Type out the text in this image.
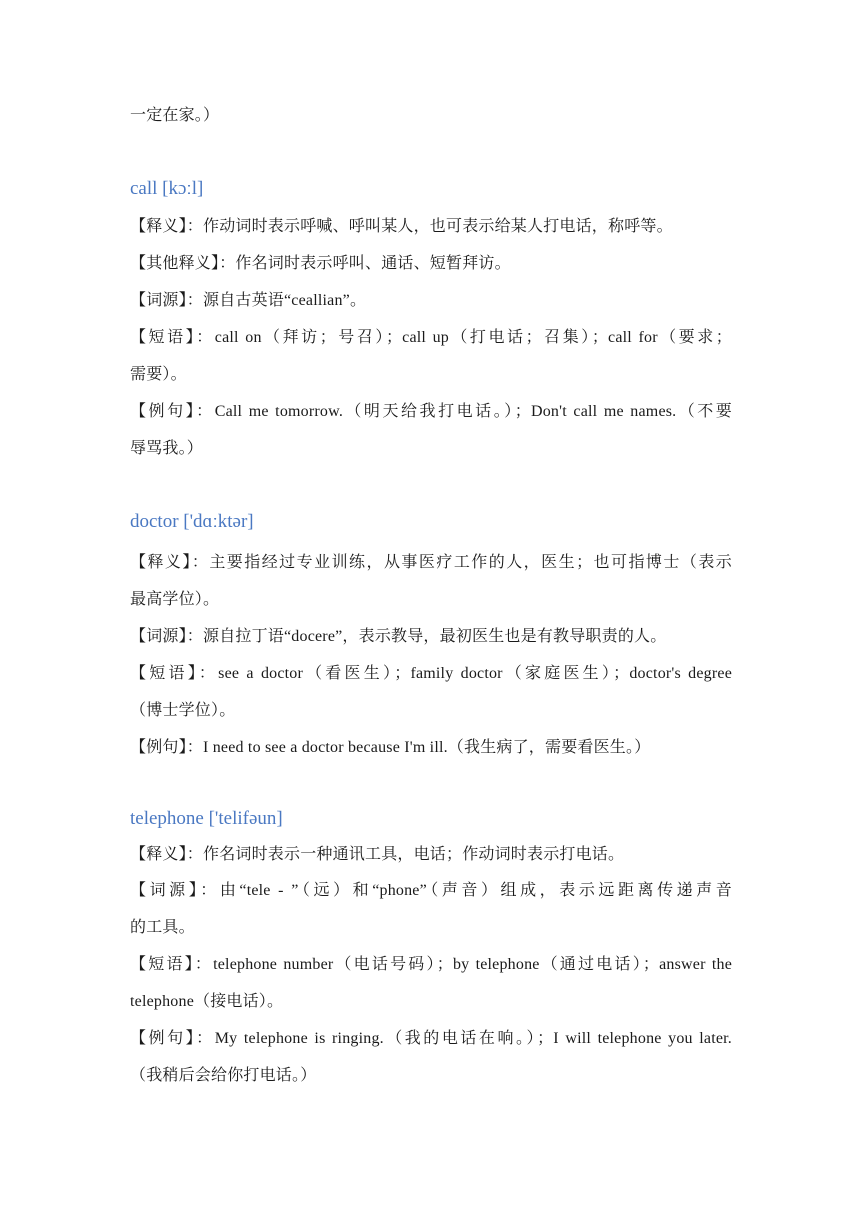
一定在家。）
call [kɔːl]
【释义】：作动词时表示呼喊、呼叫某人，也可表示给某人打电话，称呼等。
【其他释义】：作名词时表示呼叫、通话、短暂拜访。
【词源】：源自古英语“ceallian”。
【短语】：call on（拜访；号召）；call up（打电话；召集）；call for（要求；
需要）。
【例句】：Call me tomorrow.（明天给我打电话。）；Don't call me names.（不要
辱骂我。）
doctor ['dɑːktər]
【释义】：主要指经过专业训练，从事医疗工作的人，医生；也可指博士（表示
最高学位）。
【词源】：源自拉丁语“docere”，表示教导，最初医生也是有教导职责的人。
【短语】：see a doctor（看医生）；family doctor（家庭医生）；doctor's degree
（博士学位）。
【例句】：I need to see a doctor because I'm ill.（我生病了，需要看医生。）
telephone ['telifəun]
【释义】：作名词时表示一种通讯工具，电话；作动词时表示打电话。
【词源】：由“tele - ”（远）和“phone”（声音）组成，表示远距离传递声音
的工具。
【短语】：telephone number（电话号码）；by telephone（通过电话）；answer the
telephone（接电话）。
【例句】：My telephone is ringing.（我的电话在响。）；I will telephone you later.
（我稍后会给你打电话。）
